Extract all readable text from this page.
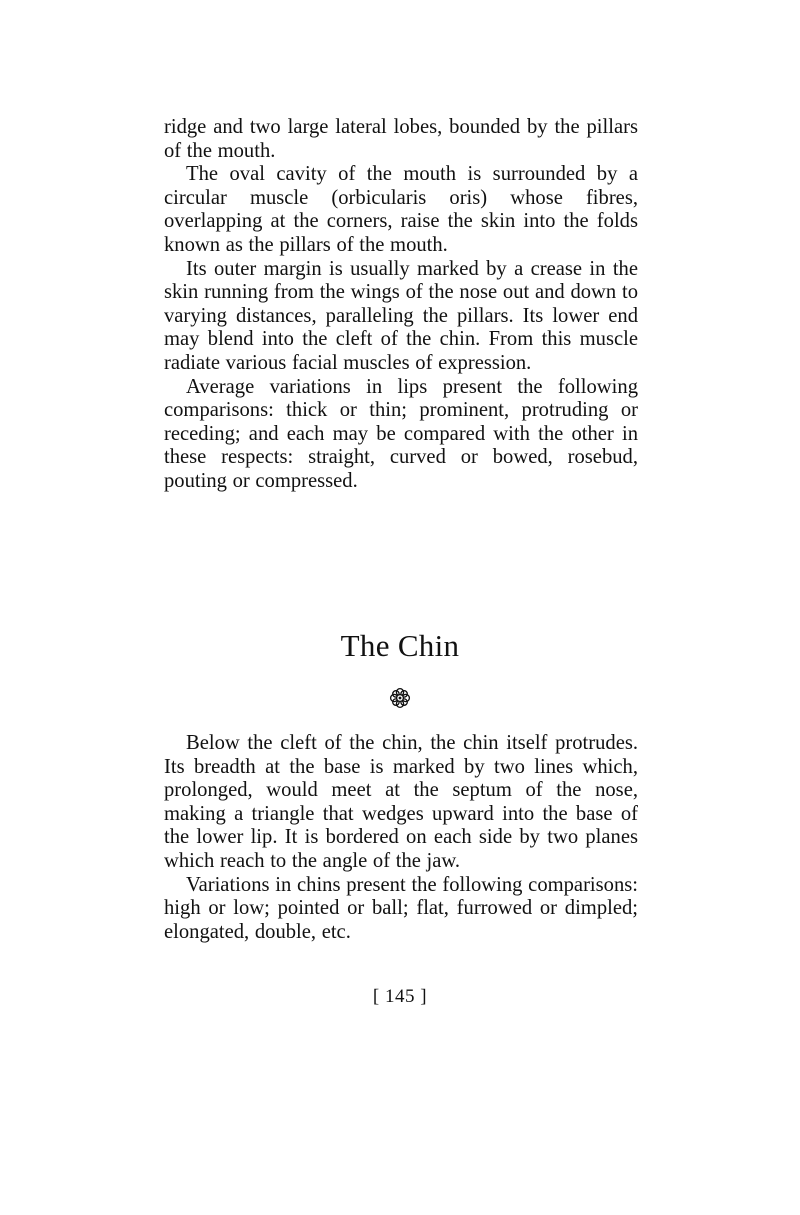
ridge and two large lateral lobes, bounded by the pillars of the mouth.

The oval cavity of the mouth is surrounded by a circular muscle (orbicularis oris) whose fibres, overlapping at the corners, raise the skin into the folds known as the pillars of the mouth.

Its outer margin is usually marked by a crease in the skin running from the wings of the nose out and down to varying distances, paralleling the pillars. Its lower end may blend into the cleft of the chin. From this muscle radiate various facial muscles of expression.

Average variations in lips present the following comparisons: thick or thin; prominent, protruding or receding; and each may be compared with the other in these respects: straight, curved or bowed, rosebud, pouting or compressed.

The Chin

Below the cleft of the chin, the chin itself protrudes. Its breadth at the base is marked by two lines which, prolonged, would meet at the septum of the nose, making a triangle that wedges upward into the base of the lower lip. It is bordered on each side by two planes which reach to the angle of the jaw.

Variations in chins present the following comparisons: high or low; pointed or ball; flat, furrowed or dimpled; elongated, double, etc.

[ 145 ]
